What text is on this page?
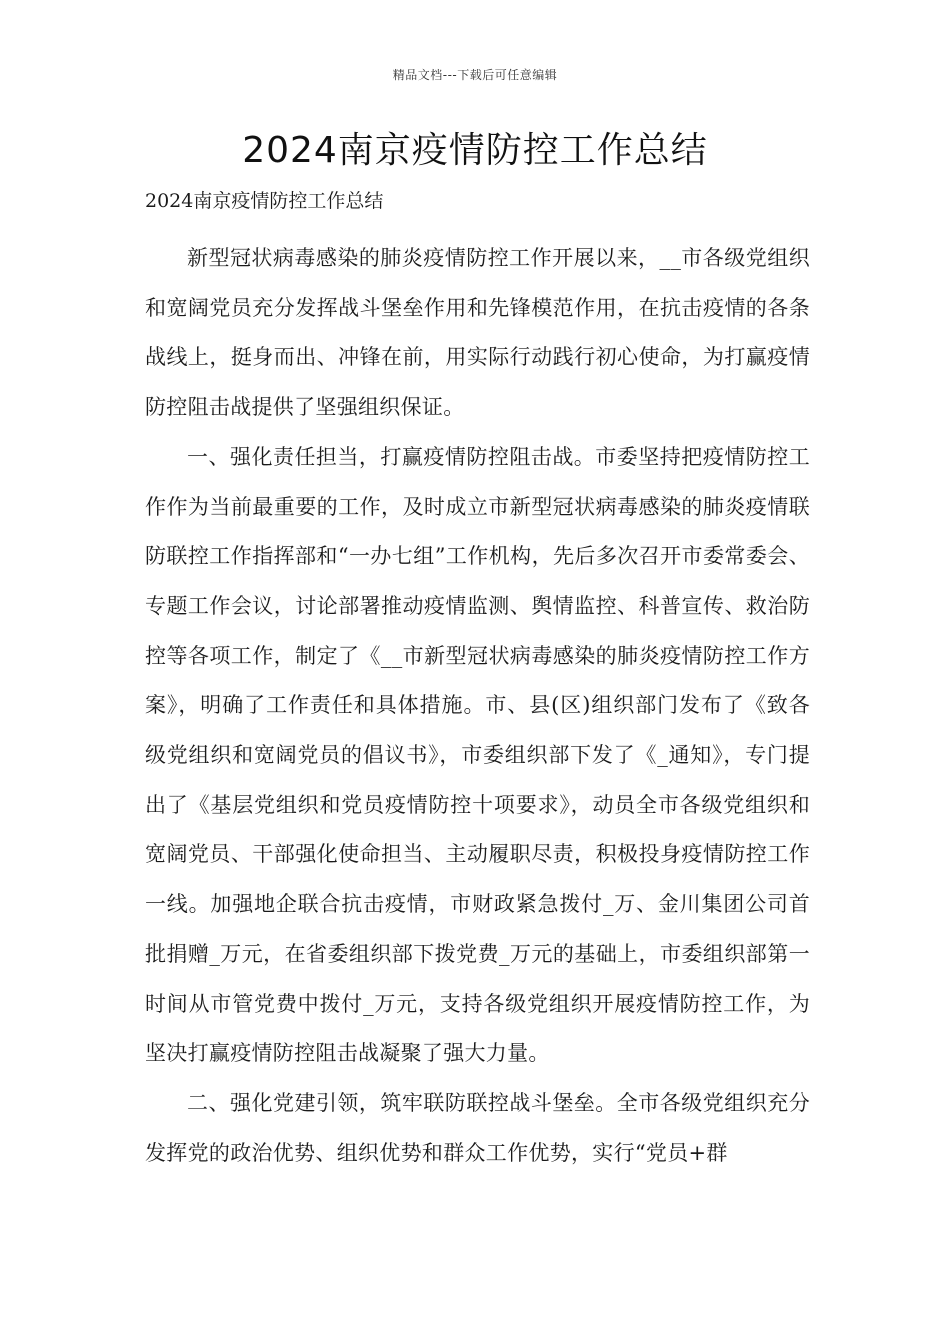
精品文档---下载后可任意编辑
2024南京疫情防控工作总结
2024南京疫情防控工作总结

新型冠状病毒感染的肺炎疫情防控工作开展以来，__市各级党组织和宽阔党员充分发挥战斗堡垒作用和先锋模范作用，在抗击疫情的各条战线上，挺身而出、冲锋在前，用实际行动践行初心使命，为打赢疫情防控阻击战提供了坚强组织保证。

一、强化责任担当，打赢疫情防控阻击战。市委坚持把疫情防控工作作为当前最重要的工作，及时成立市新型冠状病毒感染的肺炎疫情联防联控工作指挥部和“一办七组”工作机构，先后多次召开市委常委会、专题工作会议，讨论部署推动疫情监测、舆情监控、科普宣传、救治防控等各项工作，制定了《__市新型冠状病毒感染的肺炎疫情防控工作方案》，明确了工作责任和具体措施。市、县(区)组织部门发布了《致各级党组织和宽阔党员的倡议书》，市委组织部下发了《_通知》，专门提出了《基层党组织和党员疫情防控十项要求》，动员全市各级党组织和宽阔党员、干部强化使命担当、主动履职尽责，积极投身疫情防控工作一线。加强地企联合抗击疫情，市财政紧急拨付_万、金川集团公司首批捐赠_万元，在省委组织部下拨党费_万元的基础上，市委组织部第一时间从市管党费中拨付_万元，支持各级党组织开展疫情防控工作，为坚决打赢疫情防控阻击战凝聚了强大力量。

二、强化党建引领，筑牢联防联控战斗堡垒。全市各级党组织充分发挥党的政治优势、组织优势和群众工作优势，实行“党员+群
